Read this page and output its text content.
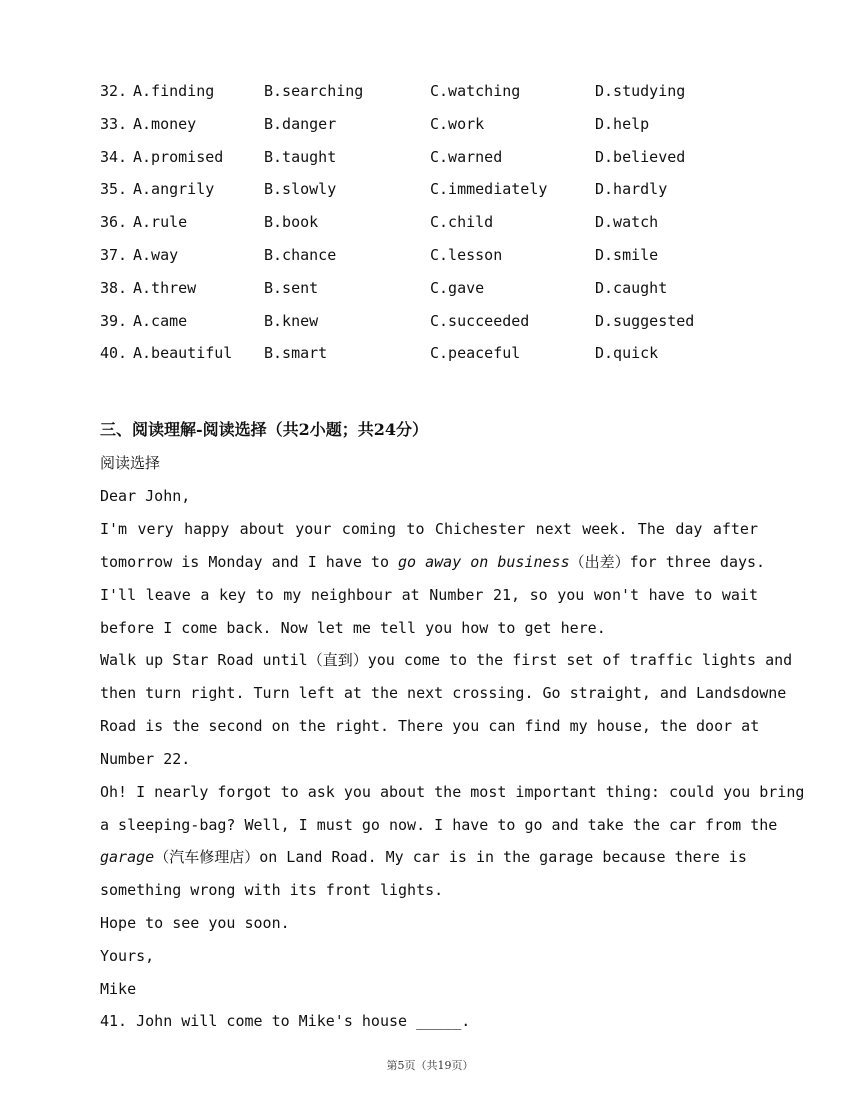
32. A.finding	B.searching	C.watching	D.studying
33. A.money	B.danger	C.work	D.help
34. A.promised	B.taught	C.warned	D.believed
35. A.angrily	B.slowly	C.immediately	D.hardly
36. A.rule	B.book	C.child	D.watch
37. A.way	B.chance	C.lesson	D.smile
38. A.threw	B.sent	C.gave	D.caught
39. A.came	B.knew	C.succeeded	D.suggested
40. A.beautiful B.smart	C.peaceful	D.quick
三、阅读理解-阅读选择（共2小题；共24分）
阅读选择
Dear John,
I'm very happy about your coming to Chichester next week. The day after
tomorrow is Monday and I have to go away on business（出差）for three days.
I'll leave a key to my neighbour at Number 21, so you won't have to wait
before I come back. Now let me tell you how to get here.
Walk up Star Road until（直到）you come to the first set of traffic lights and
then turn right. Turn left at the next crossing. Go straight, and Landsdowne
Road is the second on the right. There you can find my house, the door at
Number 22.
Oh! I nearly forgot to ask you about the most important thing: could you bring
a sleeping-bag? Well, I must go now. I have to go and take the car from the
garage（汽车修理店）on Land Road. My car is in the garage because there is
something wrong with its front lights.
Hope to see you soon.
Yours,
Mike
41. John will come to Mike's house _____.
第5页（共19页）
